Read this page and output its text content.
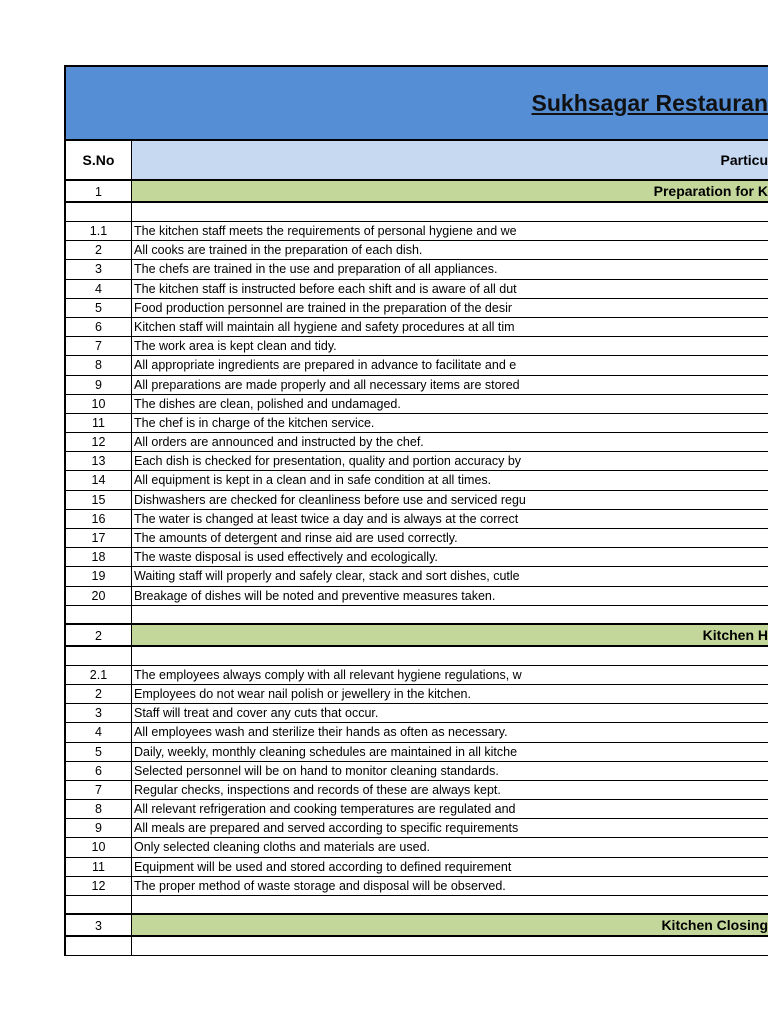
Sukhsagar Restauran
S.No	Particu
1	Preparation for K
1.1	The kitchen staff meets the requirements of personal hygiene and we
2	All cooks are trained in the preparation of each dish.
3	The chefs are trained in the use and preparation of all appliances.
4	The kitchen staff is instructed before each shift and is aware of all dut
5	Food production personnel are trained in the preparation of the desir
6	Kitchen staff will maintain all hygiene and safety procedures at all tim
7	The work area is kept clean and tidy.
8	All appropriate ingredients are prepared in advance to facilitate and e
9	All preparations are made properly and all necessary items are stored
10	The dishes are clean, polished and undamaged.
11	The chef is in charge of the kitchen service.
12	All orders are announced and instructed by the chef.
13	Each dish is checked for presentation, quality and portion accuracy by
14	All equipment is kept in a clean and in safe condition at all times.
15	Dishwashers are checked for cleanliness before use and serviced regu
16	The water is changed at least twice a day and is always at the correct
17	The amounts of detergent and rinse aid are used correctly.
18	The waste disposal is used effectively and ecologically.
19	Waiting staff will properly and safely clear, stack and sort dishes, cutle
20	Breakage of dishes will be noted and preventive measures taken.
2	Kitchen H
2.1	The employees always comply with all relevant hygiene regulations, w
2	Employees do not wear nail polish or jewellery in the kitchen.
3	Staff will treat and cover any cuts that occur.
4	All employees wash and sterilize their hands as often as necessary.
5	Daily, weekly, monthly cleaning schedules are maintained in all kitche
6	Selected personnel will be on hand to monitor cleaning standards.
7	Regular checks, inspections and records of these are always kept.
8	All relevant refrigeration and cooking temperatures are regulated and
9	All meals are prepared and served according to specific requirements
10	Only selected cleaning cloths and materials are used.
11	Equipment will be used and stored according to defined requirement
12	The proper method of waste storage and disposal will be observed.
3	Kitchen Closing
